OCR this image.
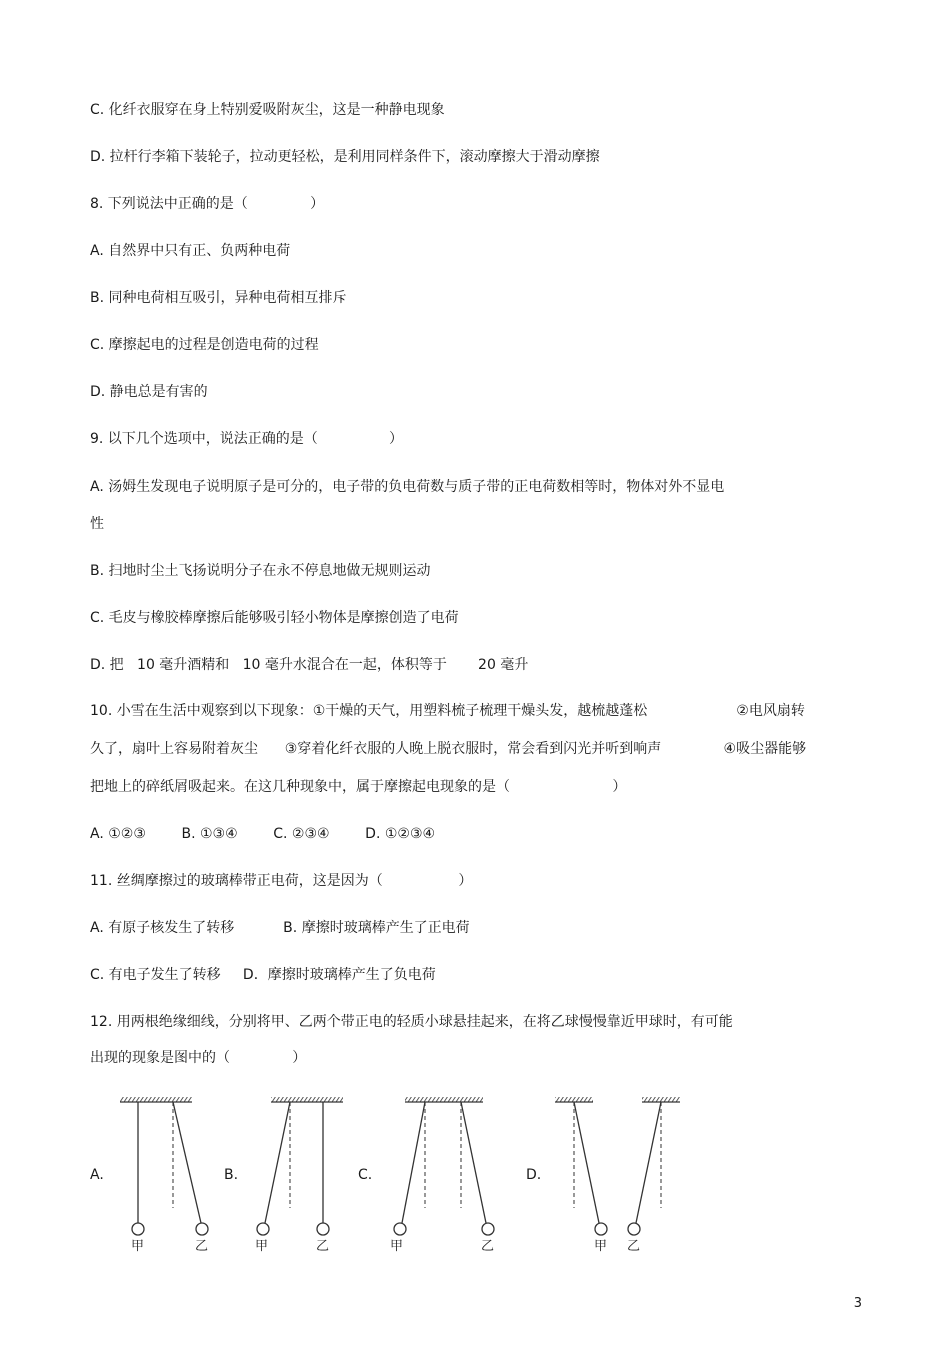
C. 化纤衣服穿在身上特别爱吸附灰尘，这是一种静电现象
D. 拉杆行李箱下装轮子，拉动更轻松，是利用同样条件下，滚动摩擦大于滑动摩擦
8. 下列说法中正确的是（              ）
A. 自然界中只有正、负两种电荷
B. 同种电荷相互吸引，异种电荷相互排斥
C. 摩擦起电的过程是创造电荷的过程
D. 静电总是有害的
9. 以下几个选项中，说法正确的是（                ）
A. 汤姆生发现电子说明原子是可分的，电子带的负电荷数与质子带的正电荷数相等时，物体对外不显电
性
B. 扫地时尘土飞扬说明分子在永不停息地做无规则运动
C. 毛皮与橡胶棒摩擦后能够吸引轻小物体是摩擦创造了电荷
D. 把   10 毫升酒精和   10 毫升水混合在一起，体积等于       20 毫升
10. 小雪在生活中观察到以下现象：①干燥的天气，用塑料梳子梳理干燥头发，越梳越蓬松                    ②电风扇转
久了，扇叶上容易附着灰尘      ③穿着化纤衣服的人晚上脱衣服时，常会看到闪光并听到响声              ④吸尘器能够
把地上的碎纸屑吸起来。在这几种现象中，属于摩擦起电现象的是（                       ）
A. ①②③        B. ①③④        C. ②③④        D. ①②③④
11. 丝绸摩擦过的玻璃棒带正电荷，这是因为（                 ）
A. 有原子核发生了转移           B. 摩擦时玻璃棒产生了正电荷
C. 有电子发生了转移     D．摩擦时玻璃棒产生了负电荷
12. 用两根绝缘细线，分别将甲、乙两个带正电的轻质小球悬挂起来，在将乙球慢慢靠近甲球时，有可能
出现的现象是图中的（              ）
A.	B.	C.	D.
甲	乙	甲	乙	甲	乙	甲 乙
3
